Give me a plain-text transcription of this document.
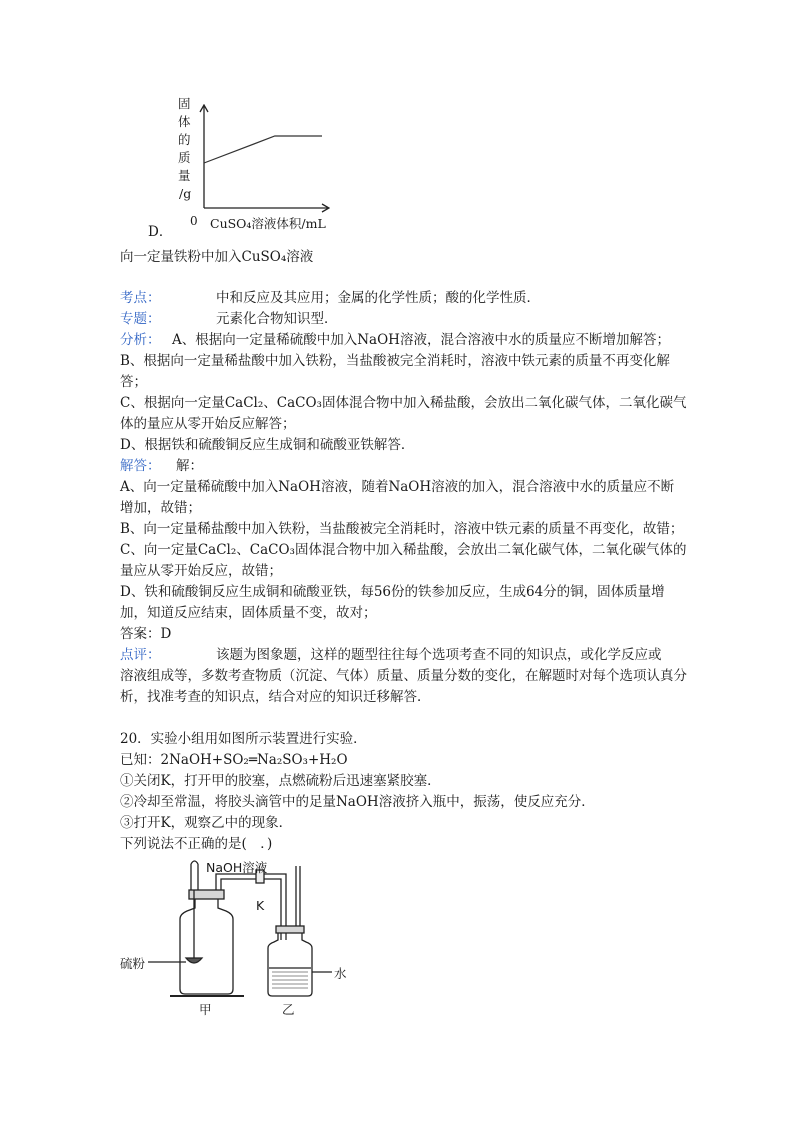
固
体
的
质
量
/g
0 CuSO₄溶液体积/mL
D．
向一定量铁粉中加入CuSO₄溶液
考点：	中和反应及其应用；金属的化学性质；酸的化学性质．
专题：	元素化合物知识型．
分析： A、根据向一定量稀硫酸中加入NaOH溶液，混合溶液中水的质量应不断增加解答；
B、根据向一定量稀盐酸中加入铁粉，当盐酸被完全消耗时，溶液中铁元素的质量不再变化解
答；
C、根据向一定量CaCl₂、CaCO₃固体混合物中加入稀盐酸，会放出二氧化碳气体，二氧化碳气
体的量应从零开始反应解答；
D、根据铁和硫酸铜反应生成铜和硫酸亚铁解答．
解答： 解：
A、向一定量稀硫酸中加入NaOH溶液，随着NaOH溶液的加入，混合溶液中水的质量应不断
增加，故错；
B、向一定量稀盐酸中加入铁粉，当盐酸被完全消耗时，溶液中铁元素的质量不再变化，故错；
C、向一定量CaCl₂、CaCO₃固体混合物中加入稀盐酸，会放出二氧化碳气体，二氧化碳气体的
量应从零开始反应，故错；
D、铁和硫酸铜反应生成铜和硫酸亚铁，每56份的铁参加反应，生成64分的铜，固体质量增
加，知道反应结束，固体质量不变，故对；
答案：D
点评：	该题为图象题，这样的题型往往每个选项考查不同的知识点，或化学反应或
溶液组成等，多数考查物质（沉淀、气体）质量、质量分数的变化，在解题时对每个选项认真分
析，找准考查的知识点，结合对应的知识迁移解答．
20．实验小组用如图所示装置进行实验．
已知：2NaOH+SO₂═Na₂SO₃+H₂O
①关闭K，打开甲的胶塞，点燃硫粉后迅速塞紧胶塞．
②冷却至常温，将胶头滴管中的足量NaOH溶液挤入瓶中，振荡，使反应充分．
③打开K，观察乙中的现象．
下列说法不正确的是(　．)
NaOH溶液
K
硫粉
水
甲	乙
